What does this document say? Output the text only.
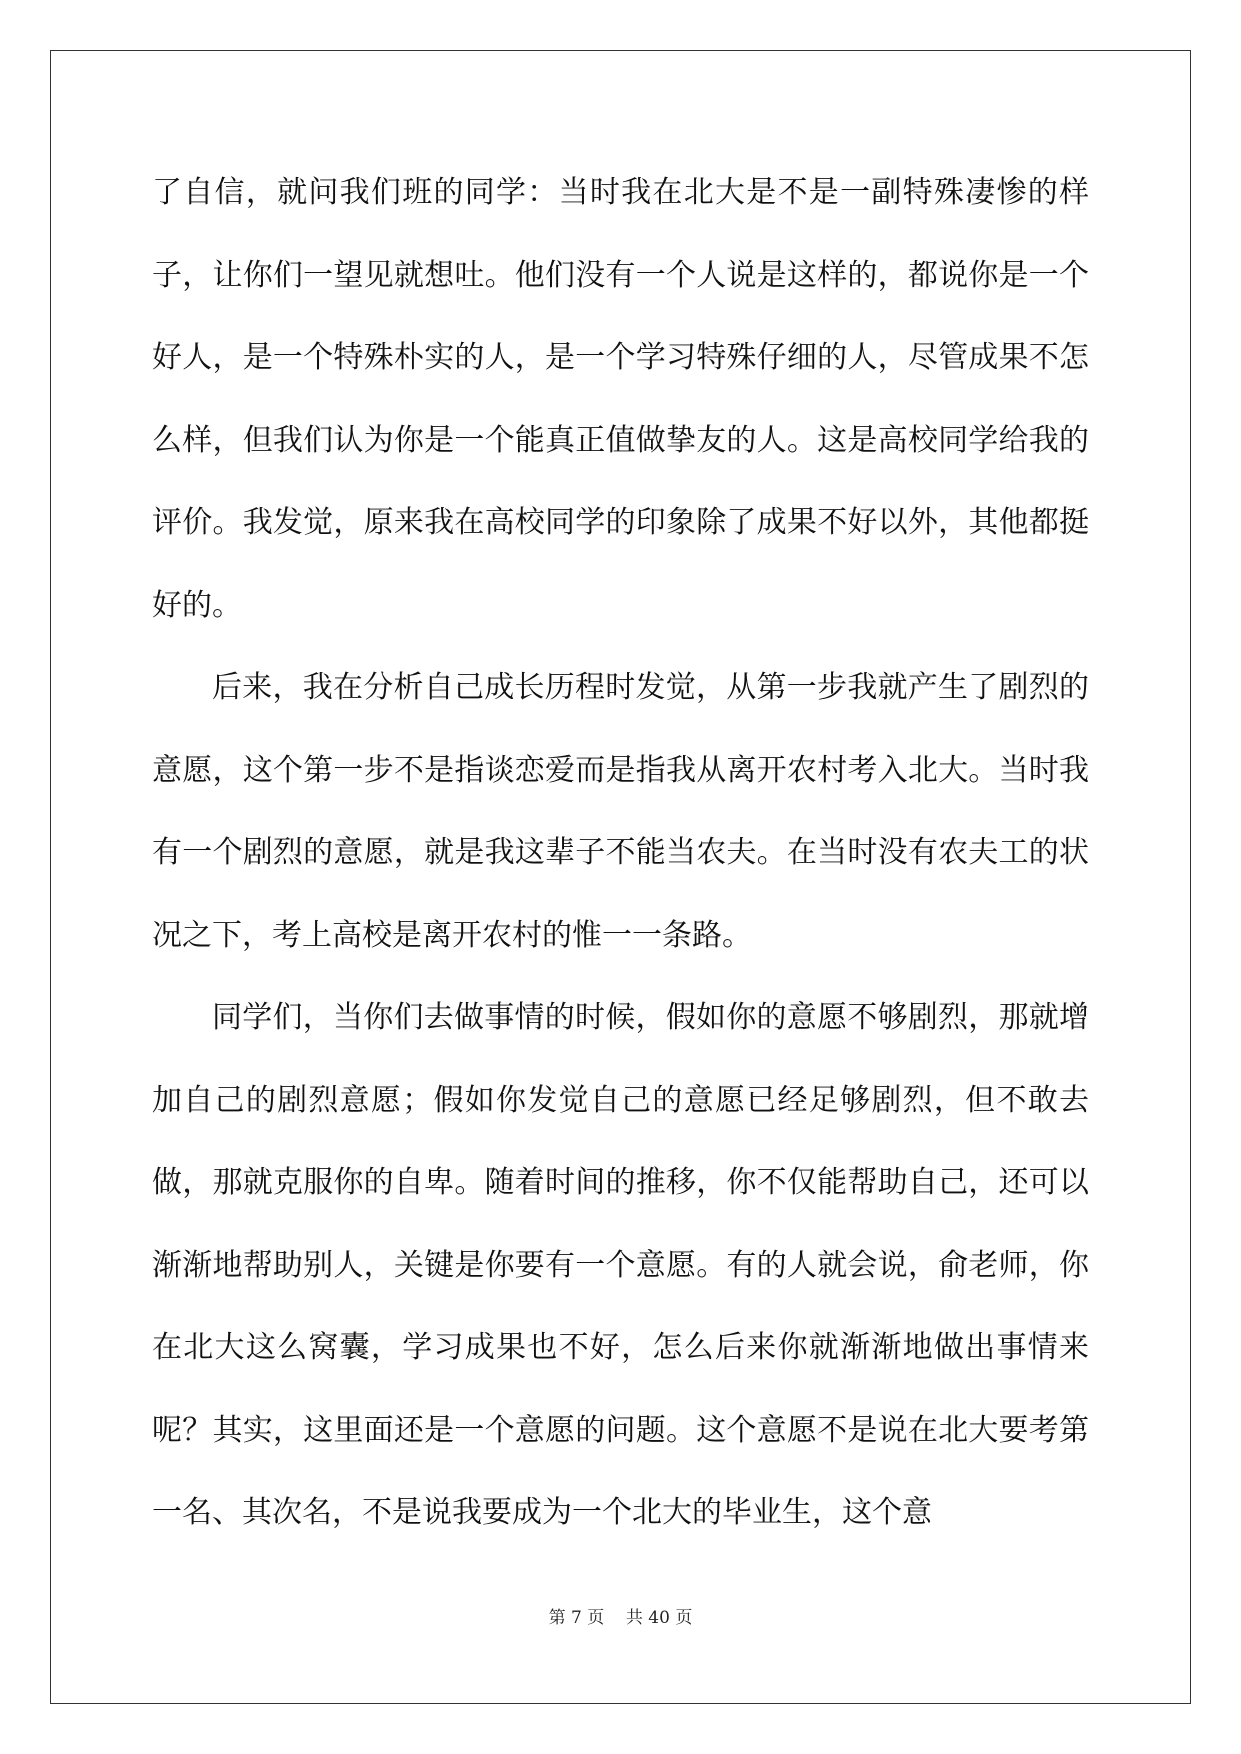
了自信，就问我们班的同学：当时我在北大是不是一副特殊凄惨的样子，让你们一望见就想吐。他们没有一个人说是这样的，都说你是一个好人，是一个特殊朴实的人，是一个学习特殊仔细的人，尽管成果不怎么样，但我们认为你是一个能真正值做挚友的人。这是高校同学给我的评价。我发觉，原来我在高校同学的印象除了成果不好以外，其他都挺好的。

后来，我在分析自己成长历程时发觉，从第一步我就产生了剧烈的意愿，这个第一步不是指谈恋爱而是指我从离开农村考入北大。当时我有一个剧烈的意愿，就是我这辈子不能当农夫。在当时没有农夫工的状况之下，考上高校是离开农村的惟一一条路。

同学们，当你们去做事情的时候，假如你的意愿不够剧烈，那就增加自己的剧烈意愿；假如你发觉自己的意愿已经足够剧烈，但不敢去做，那就克服你的自卑。随着时间的推移，你不仅能帮助自己，还可以渐渐地帮助别人，关键是你要有一个意愿。有的人就会说，俞老师，你在北大这么窝囊，学习成果也不好，怎么后来你就渐渐地做出事情来呢？其实，这里面还是一个意愿的问题。这个意愿不是说在北大要考第一名、其次名，不是说我要成为一个北大的毕业生，这个意

第 7 页    共 40 页
